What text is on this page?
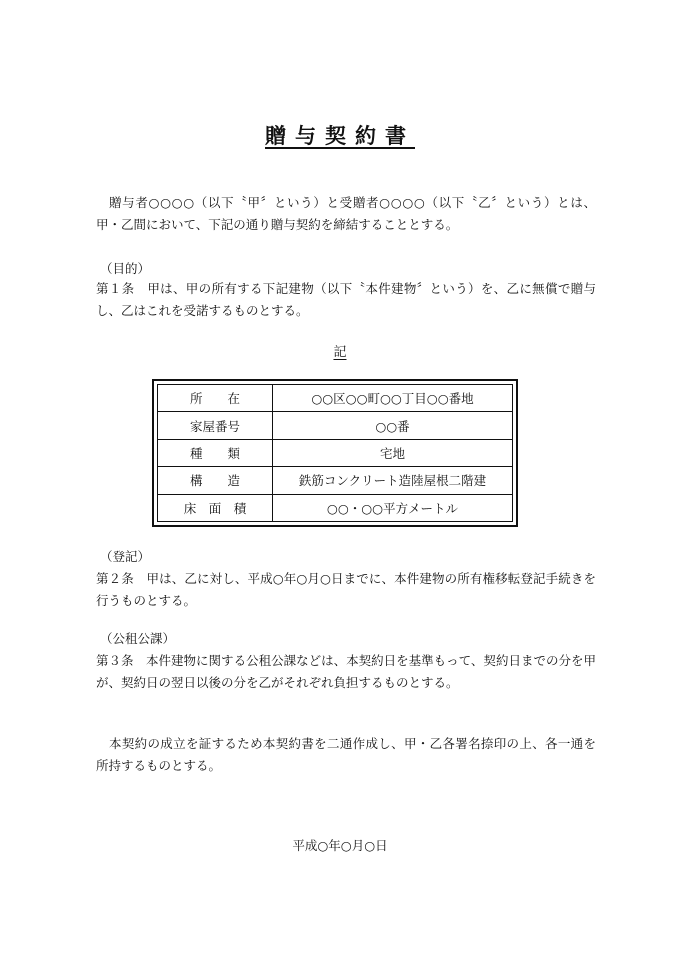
贈与契約書

贈与者○○○○（以下〝甲〞という）と受贈者○○○○（以下〝乙〞という）とは、甲・乙間において、下記の通り贈与契約を締結することとする。

（目的）

第１条　甲は、甲の所有する下記建物（以下〝本件建物〞という）を、乙に無償で贈与し、乙はこれを受諾するものとする。

記
所　　在	○○区○○町○○丁目○○番地
家屋番号	○○番
種　　類	宅地
構　　造	鉄筋コンクリート造陸屋根二階建
床　面　積	○○・○○平方メートル

（登記）

第２条　甲は、乙に対し、平成○年○月○日までに、本件建物の所有権移転登記手続きを行うものとする。

（公租公課）

第３条　本件建物に関する公租公課などは、本契約日を基準もって、契約日までの分を甲が、契約日の翌日以後の分を乙がそれぞれ負担するものとする。

本契約の成立を証するため本契約書を二通作成し、甲・乙各署名捺印の上、各一通を所持するものとする。

平成○年○月○日
